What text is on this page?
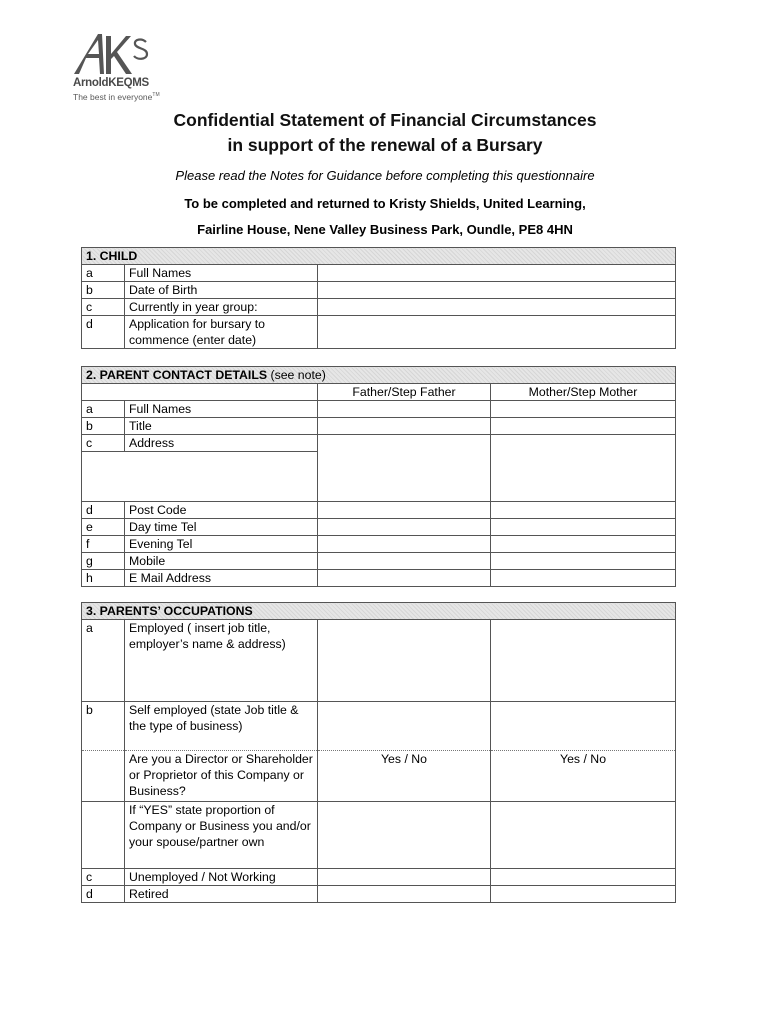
ArnoldKEQMS
The best in everyone™
Confidential Statement of Financial Circumstances
in support of the renewal of a Bursary
Please read the Notes for Guidance before completing this questionnaire
To be completed and returned to Kristy Shields, United Learning,
Fairline House, Nene Valley Business Park, Oundle, PE8 4HN
1. CHILD		
a	Full Names	
b	Date of Birth	
c	Currently in year group:	
d	Application for bursary to commence (enter date)	
2. PARENT CONTACT DETAILS (see note)			
		Father/Step Father	Mother/Step Mother
a	Full Names		
b	Title		
c	Address		

d	Post Code		
e	Day time Tel		
f	Evening Tel		
g	Mobile		
h	E Mail Address		
3. PARENTS’ OCCUPATIONS			
a	Employed ( insert job title, employer’s name & address)		
b	Self employed (state Job title & the type of business)		
	Are you a Director or Shareholder or Proprietor of this Company or Business?	Yes / No	Yes / No
	If “YES” state proportion of Company or Business you and/or your spouse/partner own		
c	Unemployed / Not Working		
d	Retired		
